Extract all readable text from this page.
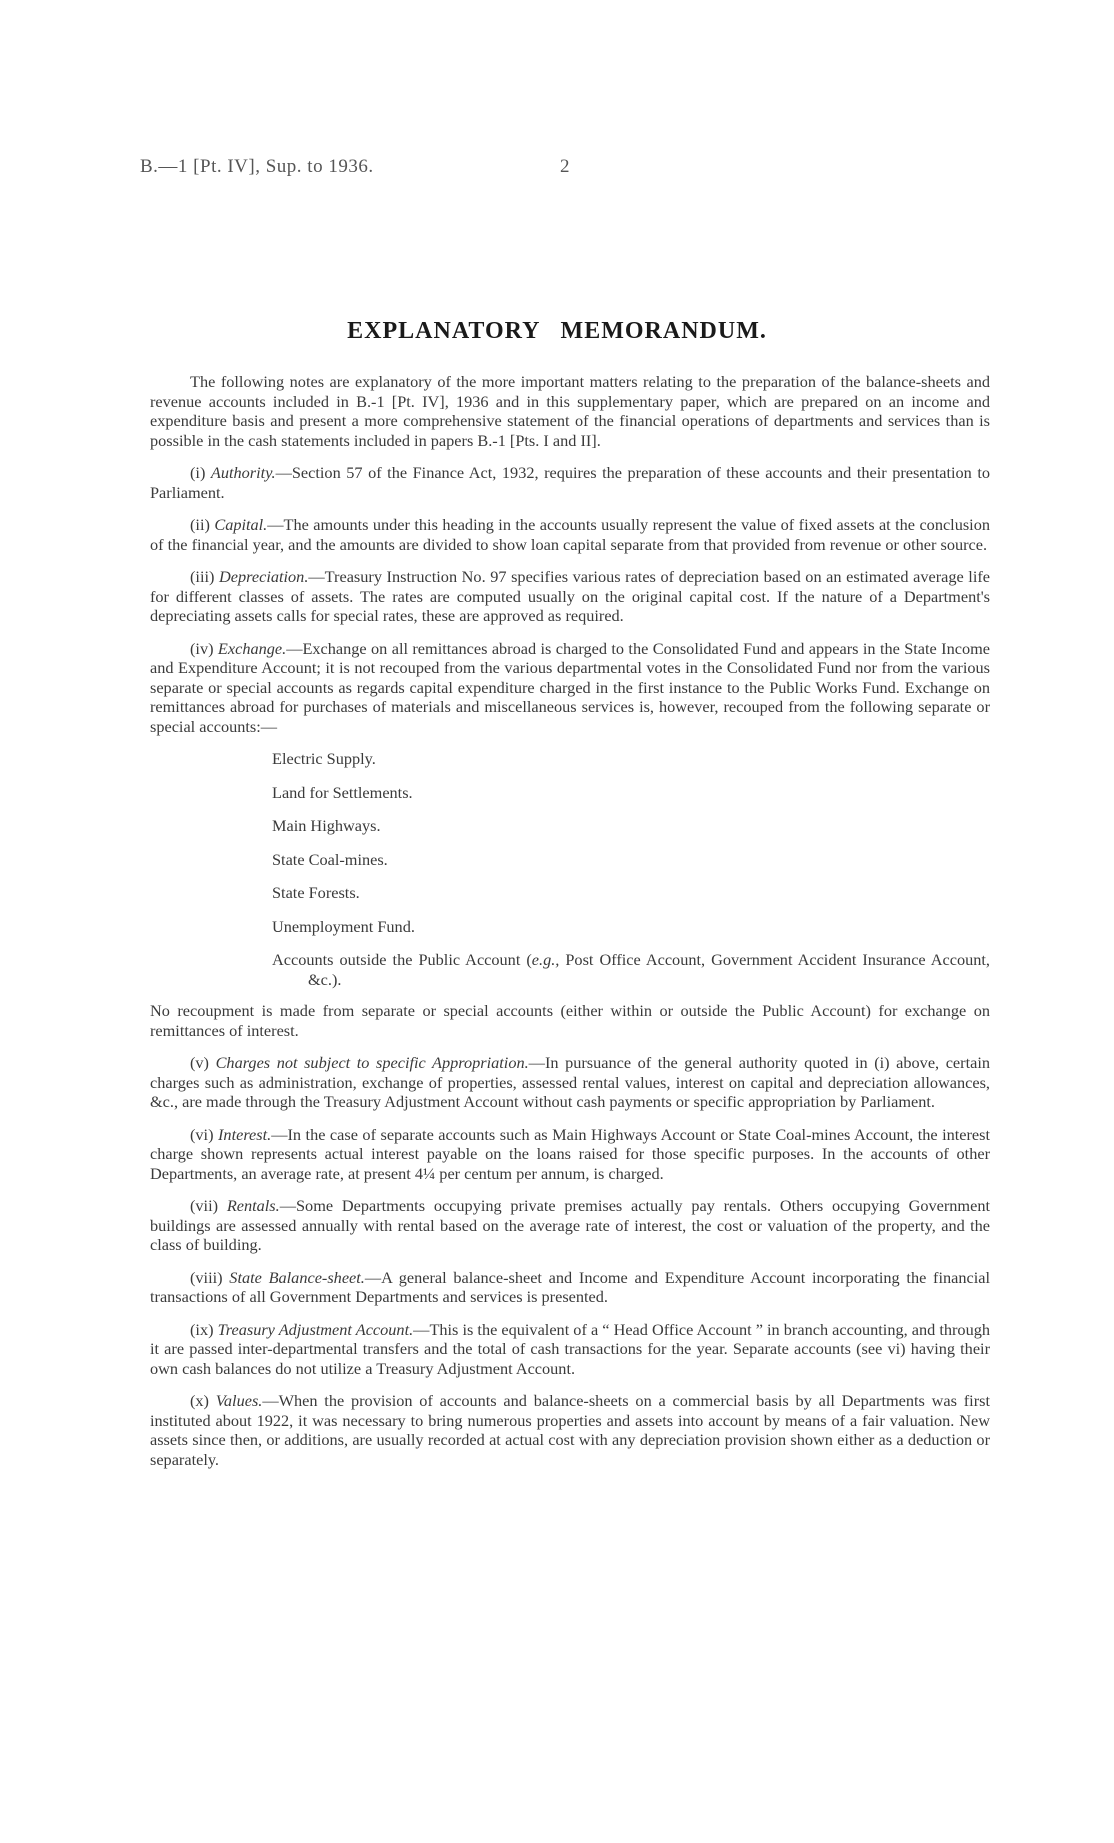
B.—1 [Pt. IV], Sup. to 1936.	2
EXPLANATORY MEMORANDUM.

The following notes are explanatory of the more important matters relating to the preparation of the balance-sheets and revenue accounts included in B.-1 [Pt. IV], 1936 and in this supplementary paper, which are prepared on an income and expenditure basis and present a more comprehensive statement of the financial operations of departments and services than is possible in the cash statements included in papers B.-1 [Pts. I and II].

(i) Authority.—Section 57 of the Finance Act, 1932, requires the preparation of these accounts and their presentation to Parliament.

(ii) Capital.—The amounts under this heading in the accounts usually represent the value of fixed assets at the conclusion of the financial year, and the amounts are divided to show loan capital separate from that provided from revenue or other source.

(iii) Depreciation.—Treasury Instruction No. 97 specifies various rates of depreciation based on an estimated average life for different classes of assets. The rates are computed usually on the original capital cost. If the nature of a Department's depreciating assets calls for special rates, these are approved as required.

(iv) Exchange.—Exchange on all remittances abroad is charged to the Consolidated Fund and appears in the State Income and Expenditure Account; it is not recouped from the various departmental votes in the Consolidated Fund nor from the various separate or special accounts as regards capital expenditure charged in the first instance to the Public Works Fund. Exchange on remittances abroad for purchases of materials and miscellaneous services is, however, recouped from the following separate or special accounts:—

Electric Supply.
Land for Settlements.
Main Highways.
State Coal-mines.
State Forests.
Unemployment Fund.
Accounts outside the Public Account (e.g., Post Office Account, Government Accident Insurance Account, &c.).

No recoupment is made from separate or special accounts (either within or outside the Public Account) for exchange on remittances of interest.

(v) Charges not subject to specific Appropriation.—In pursuance of the general authority quoted in (i) above, certain charges such as administration, exchange of properties, assessed rental values, interest on capital and depreciation allowances, &c., are made through the Treasury Adjustment Account without cash payments or specific appropriation by Parliament.

(vi) Interest.—In the case of separate accounts such as Main Highways Account or State Coal-mines Account, the interest charge shown represents actual interest payable on the loans raised for those specific purposes. In the accounts of other Departments, an average rate, at present 4¼ per centum per annum, is charged.

(vii) Rentals.—Some Departments occupying private premises actually pay rentals. Others occupying Government buildings are assessed annually with rental based on the average rate of interest, the cost or valuation of the property, and the class of building.

(viii) State Balance-sheet.—A general balance-sheet and Income and Expenditure Account incorporating the financial transactions of all Government Departments and services is presented.

(ix) Treasury Adjustment Account.—This is the equivalent of a “ Head Office Account ” in branch accounting, and through it are passed inter-departmental transfers and the total of cash transactions for the year. Separate accounts (see vi) having their own cash balances do not utilize a Treasury Adjustment Account.

(x) Values.—When the provision of accounts and balance-sheets on a commercial basis by all Departments was first instituted about 1922, it was necessary to bring numerous properties and assets into account by means of a fair valuation. New assets since then, or additions, are usually recorded at actual cost with any depreciation provision shown either as a deduction or separately.
